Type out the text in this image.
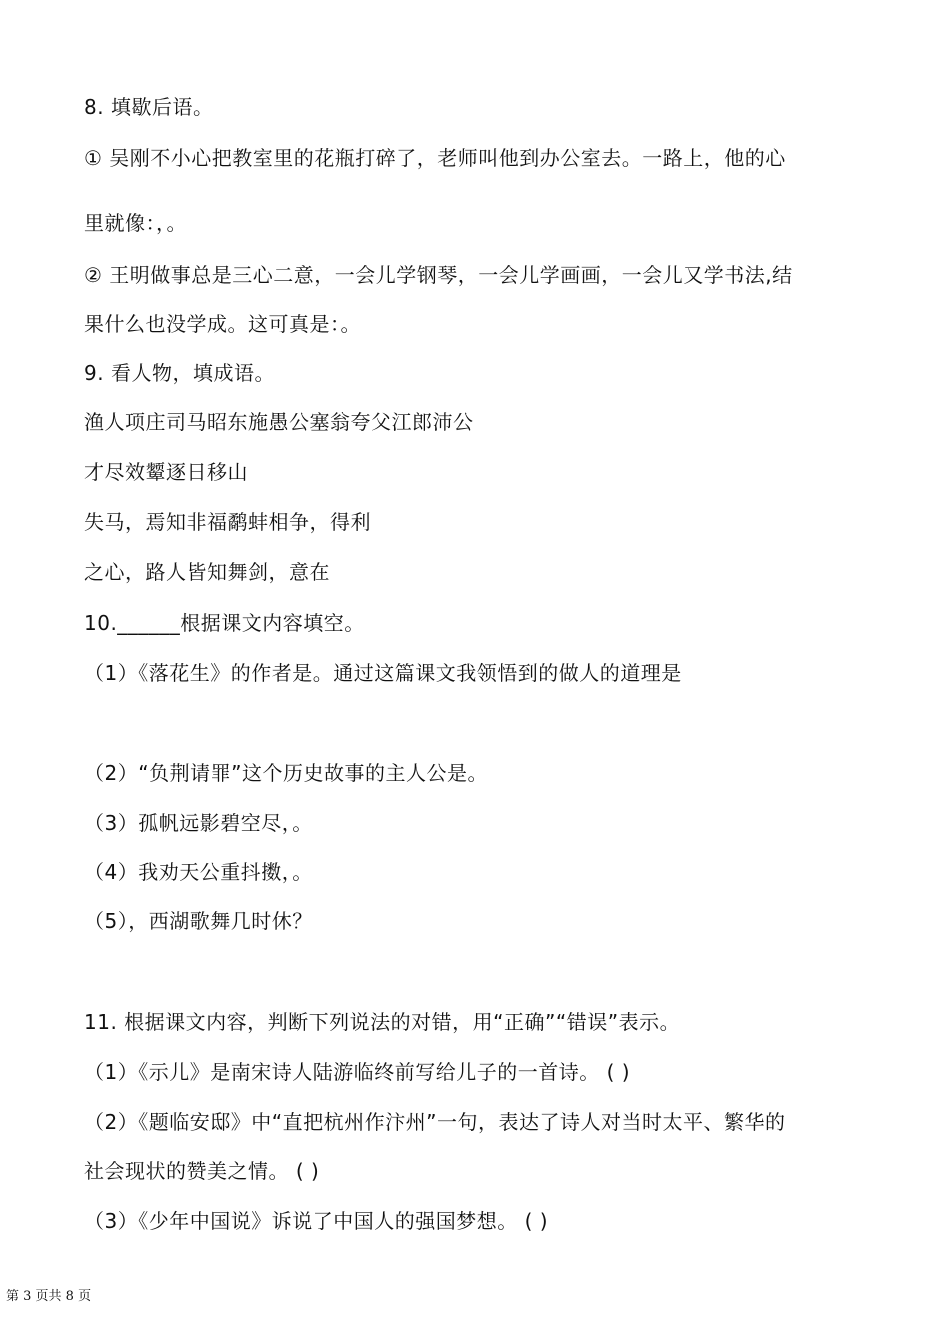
8. 填歇后语。
① 吴刚不小心把教室里的花瓶打碎了，老师叫他到办公室去。一路上，他的心
里就像：，。
② 王明做事总是三心二意，一会儿学钢琴，一会儿学画画，一会儿又学书法,结
果什么也没学成。这可真是：。
9. 看人物，填成语。
渔人项庄司马昭东施愚公塞翁夸父江郎沛公
才尽效颦逐日移山
失马，焉知非福鹬蚌相争，得利
之心，路人皆知舞剑，意在
10.______根据课文内容填空。
（1）《落花生》的作者是。通过这篇课文我领悟到的做人的道理是
（2）“负荆请罪”这个历史故事的主人公是。
（3）孤帆远影碧空尽，。
（4）我劝天公重抖擞，。
（5），西湖歌舞几时休？
11. 根据课文内容，判断下列说法的对错，用“正确”“错误”表示。
（1）《示儿》是南宋诗人陆游临终前写给儿子的一首诗。 ( )
（2）《题临安邸》中“直把杭州作汴州”一句，表达了诗人对当时太平、繁华的
社会现状的赞美之情。 ( )
（3）《少年中国说》诉说了中国人的强国梦想。 ( )
第 3 页共 8 页
